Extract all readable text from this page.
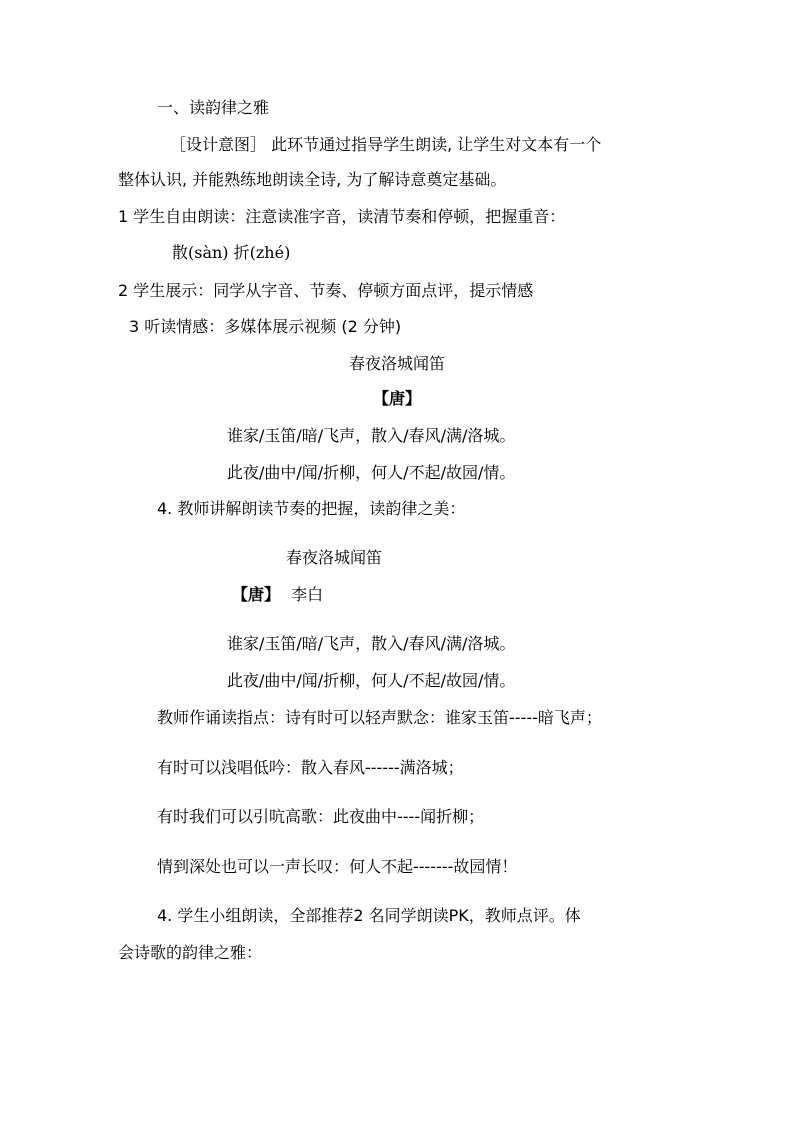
一、读韵律之雅
［设计意图］ 此环节通过指导学生朗读, 让学生对文本有一个
整体认识, 并能熟练地朗读全诗, 为了解诗意奠定基础。
1 学生自由朗读：注意读准字音，读清节奏和停顿，把握重音：
散(sàn) 折(zhé)
2 学生展示：同学从字音、节奏、停顿方面点评，提示情感
3 听读情感：多媒体展示视频 (2 分钟)
春夜洛城闻笛
【唐】
谁家/玉笛/暗/飞声，散入/春风/满/洛城。
此夜/曲中/闻/折柳，何人/不起/故园/情。
4. 教师讲解朗读节奏的把握，读韵律之美：
春夜洛城闻笛
【唐】 李白
谁家/玉笛/暗/飞声，散入/春风/满/洛城。
此夜/曲中/闻/折柳，何人/不起/故园/情。
教师作诵读指点：诗有时可以轻声默念：谁家玉笛-----暗飞声；
有时可以浅唱低吟：散入春风------满洛城；
有时我们可以引吭高歌：此夜曲中----闻折柳；
情到深处也可以一声长叹：何人不起-------故园情！
4. 学生小组朗读，全部推荐2 名同学朗读PK，教师点评。体
会诗歌的韵律之雅：
